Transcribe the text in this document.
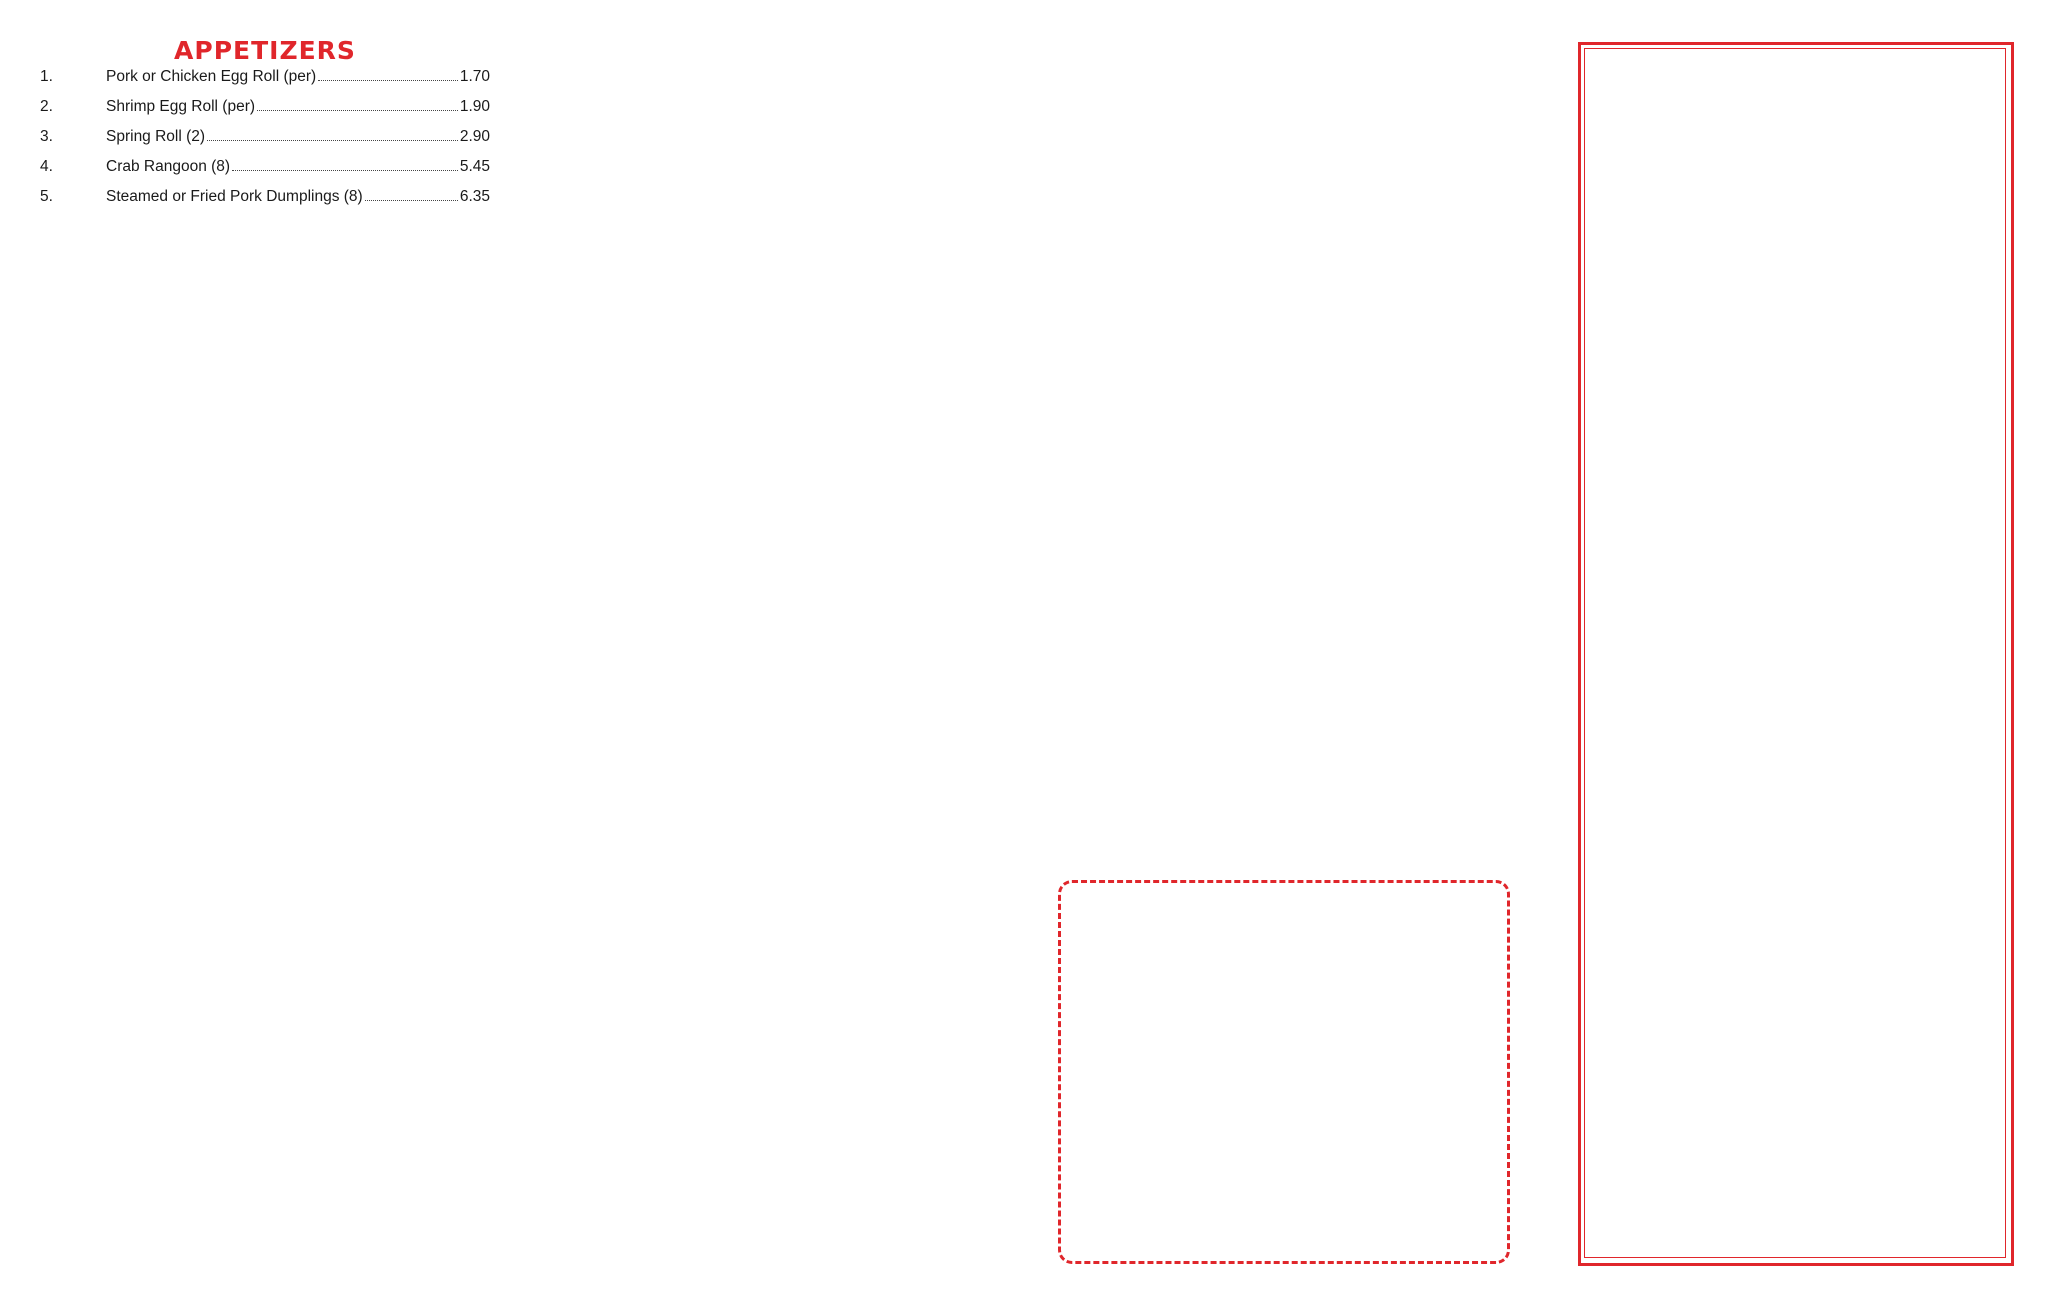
APPETIZERS
1.	Pork or Chicken Egg Roll (per)	1.70
2.	Shrimp Egg Roll (per)	1.90
3.	Spring Roll (2)	2.90
4.	Crab Rangoon (8)	5.45
5.	Steamed or Fried Pork Dumplings (8)	6.35
